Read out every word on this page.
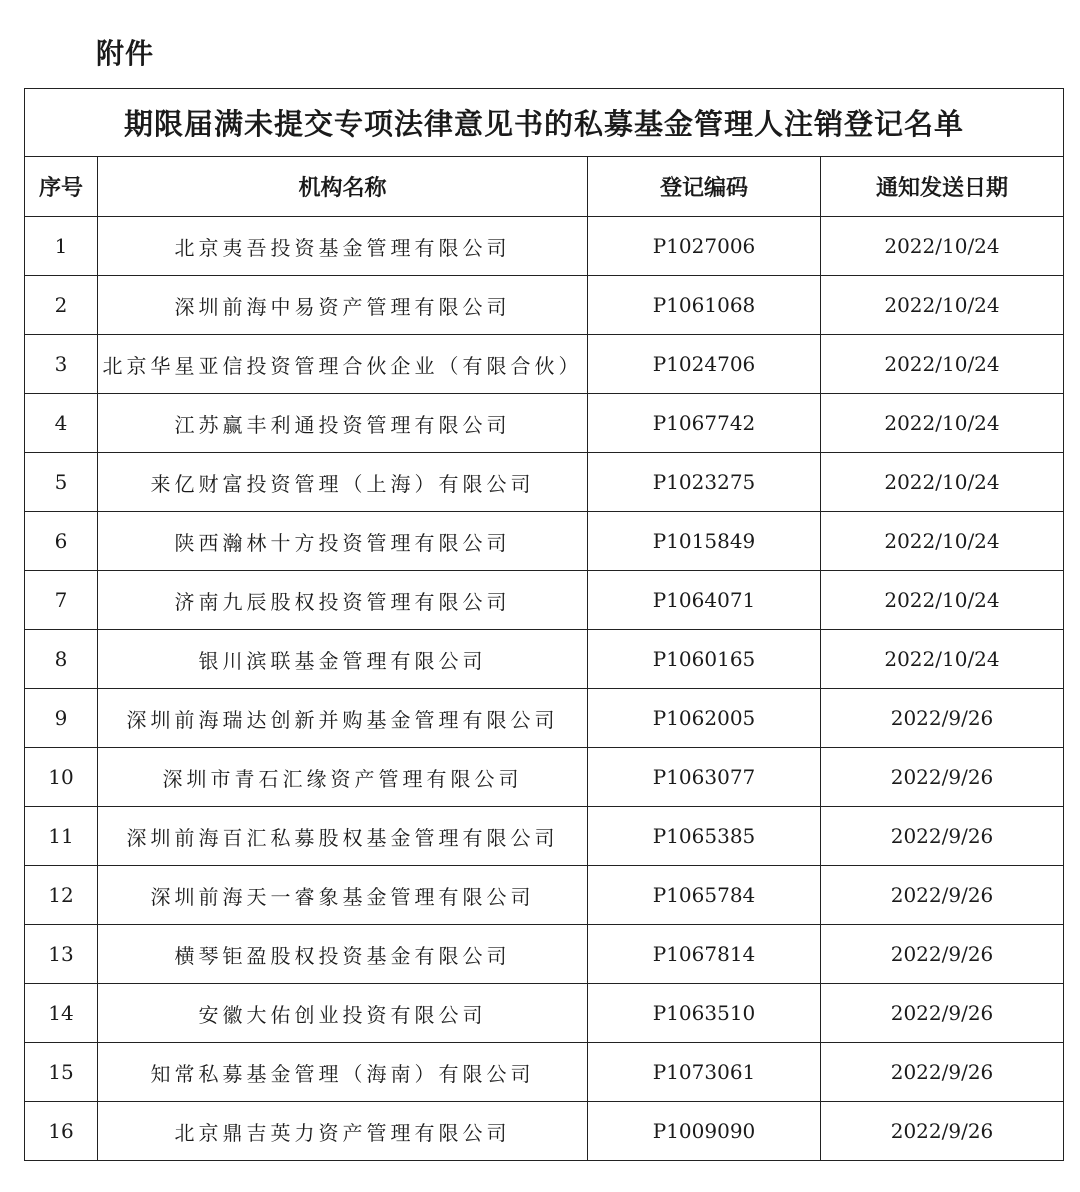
附件
期限届满未提交专项法律意见书的私募基金管理人注销登记名单			
序号	机构名称	登记编码	通知发送日期
1	北京夷吾投资基金管理有限公司	P1027006	2022/10/24
2	深圳前海中易资产管理有限公司	P1061068	2022/10/24
3	北京华星亚信投资管理合伙企业（有限合伙）	P1024706	2022/10/24
4	江苏赢丰利通投资管理有限公司	P1067742	2022/10/24
5	来亿财富投资管理（上海）有限公司	P1023275	2022/10/24
6	陕西瀚林十方投资管理有限公司	P1015849	2022/10/24
7	济南九辰股权投资管理有限公司	P1064071	2022/10/24
8	银川滨联基金管理有限公司	P1060165	2022/10/24
9	深圳前海瑞达创新并购基金管理有限公司	P1062005	2022/9/26
10	深圳市青石汇缘资产管理有限公司	P1063077	2022/9/26
11	深圳前海百汇私募股权基金管理有限公司	P1065385	2022/9/26
12	深圳前海天一睿象基金管理有限公司	P1065784	2022/9/26
13	横琴钜盈股权投资基金有限公司	P1067814	2022/9/26
14	安徽大佑创业投资有限公司	P1063510	2022/9/26
15	知常私募基金管理（海南）有限公司	P1073061	2022/9/26
16	北京鼎吉英力资产管理有限公司	P1009090	2022/9/26
